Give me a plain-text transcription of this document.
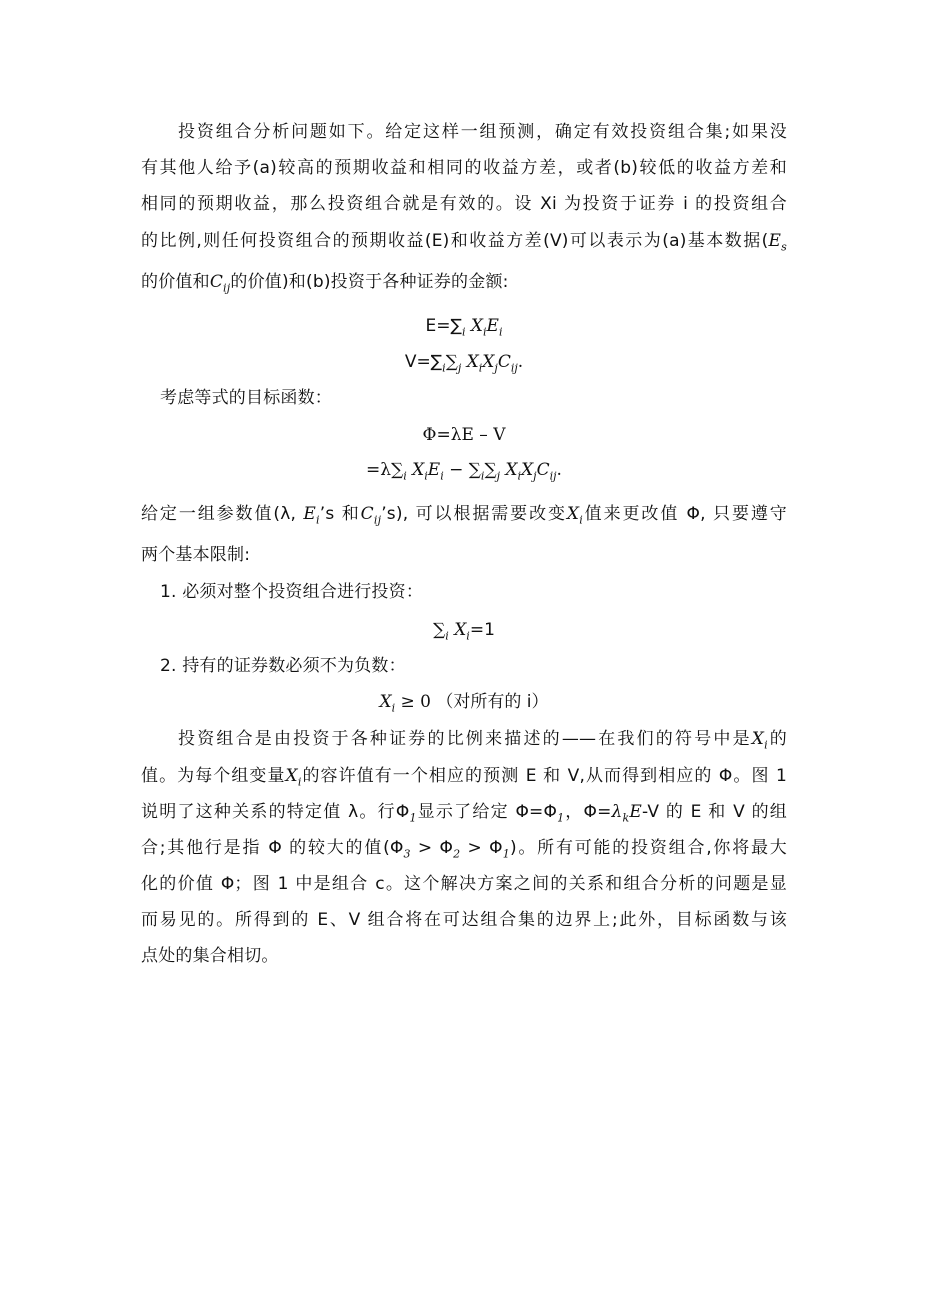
投资组合分析问题如下。给定这样一组预测，确定有效投资组合集;如果没
有其他人给予(a)较高的预期收益和相同的收益方差，或者(b)较低的收益方差和
相同的预期收益，那么投资组合就是有效的。设 Xi 为投资于证券 i 的投资组合
的比例,则任何投资组合的预期收益(E)和收益方差(V)可以表示为(a)基本数据($E_s$
的价值和$C_{ij}$的价值)和(b)投资于各种证券的金额:
$E=\sum_i$ $X_iE_i$
$V=\sum_i\sum_j$ $X_iX_jC_{ij}$.
考虑等式的目标函数：
Φ=λE – V
$=\lambda\sum_i$ $X_iE_i - \sum_i\sum_j$ $X_iX_jC_{ij}$.
给定一组参数值(λ, $E_i’s$ 和$C_{ij}’s$), 可以根据需要改变$X_i$值来更改值 Φ, 只要遵守
两个基本限制:
1. 必须对整个投资组合进行投资：
$\sum_i$ $X_i=1$
2. 持有的证券数必须不为负数：
$X_i \ge 0$ （对所有的 i）
投资组合是由投资于各种证券的比例来描述的——在我们的符号中是$X_i$的
值。为每个组变量$X_i$的容许值有一个相应的预测 E 和 V,从而得到相应的 Φ。图 1
说明了这种关系的特定值 λ。行$\Phi_1$显示了给定 $\Phi=\Phi_1$，$\Phi=\lambda_kE-V$ 的 E 和 V 的组
合;其他行是指 Φ 的较大的值$(\Phi_3 > \Phi_2 > \Phi_1)$。所有可能的投资组合,你将最大
化的价值 Φ；图 1 中是组合 c。这个解决方案之间的关系和组合分析的问题是显
而易见的。所得到的 E、V 组合将在可达组合集的边界上;此外，目标函数与该
点处的集合相切。
